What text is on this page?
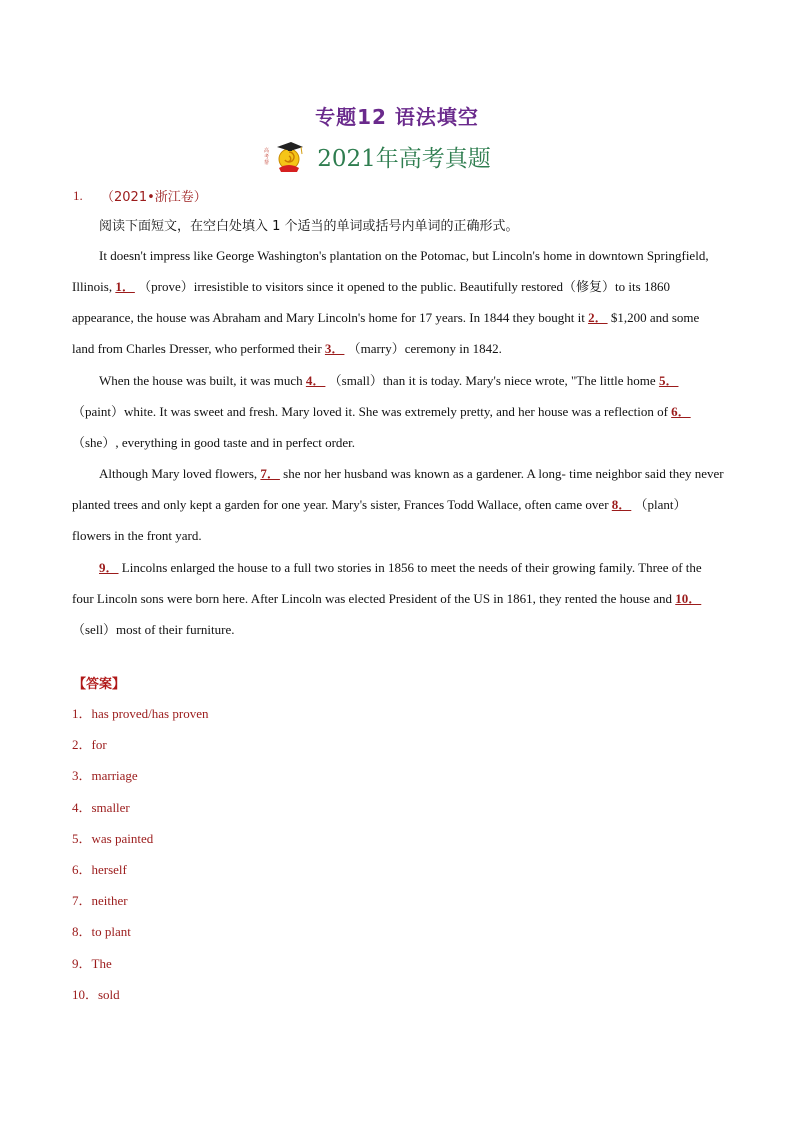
专题12 语法填空
高
考
帮 2021年高考真题
1. （2021•浙江卷）
阅读下面短文，在空白处填入 1 个适当的单词或括号内单词的正确形式。
It doesn't impress like George Washington's plantation on the Potomac, but Lincoln's home in downtown Springfield, Illinois, 1． （prove）irresistible to visitors since it opened to the public. Beautifully restored（修复）to its 1860 appearance, the house was Abraham and Mary Lincoln's home for 17 years. In 1844 they bought it 2． $1,200 and some land from Charles Dresser, who performed their 3． （marry）ceremony in 1842.
When the house was built, it was much 4． （small）than it is today. Mary's niece wrote, "The little home 5． （paint）white. It was sweet and fresh. Mary loved it. She was extremely pretty, and her house was a reflection of 6． （she）, everything in good taste and in perfect order.
Although Mary loved flowers, 7． she nor her husband was known as a gardener. A long- time neighbor said they never planted trees and only kept a garden for one year. Mary's sister, Frances Todd Wallace, often came over 8． （plant）flowers in the front yard.
9． Lincolns enlarged the house to a full two stories in 1856 to meet the needs of their growing family. Three of the four Lincoln sons were born here. After Lincoln was elected President of the US in 1861, they rented the house and 10． （sell）most of their furniture.
【答案】
1．has proved/has proven
2．for
3．marriage
4．smaller
5．was painted
6．herself
7．neither
8．to plant
9．The
10．sold
